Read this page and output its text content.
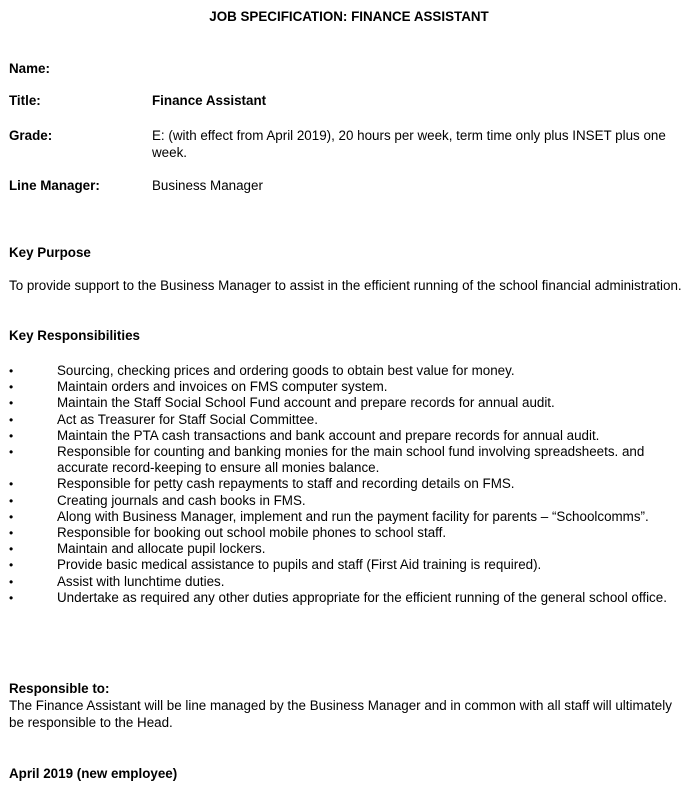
JOB SPECIFICATION: FINANCE ASSISTANT
Name:
Title:	Finance Assistant
Grade:	E: (with effect from April 2019), 20 hours per week, term time only plus INSET plus one week.
Line Manager:	Business Manager
Key Purpose
To provide support to the Business Manager to assist in the efficient running of the school financial administration.
Key Responsibilities
•	Sourcing, checking prices and ordering goods to obtain best value for money.
•	Maintain orders and invoices on FMS computer system.
•	Maintain the Staff Social School Fund account and prepare records for annual audit.
•	Act as Treasurer for Staff Social Committee.
•	Maintain the PTA cash transactions and bank account and prepare records for annual audit.
•	Responsible for counting and banking monies for the main school fund involving spreadsheets. and accurate record-keeping to ensure all monies balance.
•	Responsible for petty cash repayments to staff and recording details on FMS.
•	Creating journals and cash books in FMS.
•	Along with Business Manager, implement and run the payment facility for parents – “Schoolcomms”.
•	Responsible for booking out school mobile phones to school staff.
•	Maintain and allocate pupil lockers.
•	Provide basic medical assistance to pupils and staff (First Aid training is required).
•	Assist with lunchtime duties.
•	Undertake as required any other duties appropriate for the efficient running of the general school office.
Responsible to:
The Finance Assistant will be line managed by the Business Manager and in common with all staff will ultimately be responsible to the Head.
April 2019 (new employee)
